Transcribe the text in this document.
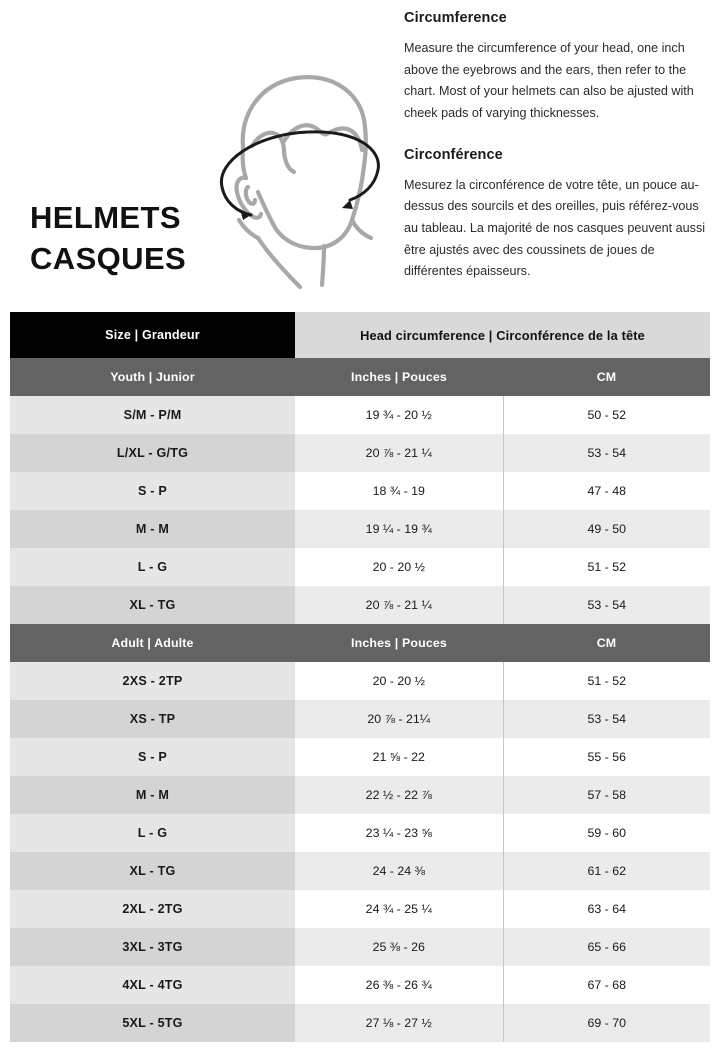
Circumference

Measure the circumference of your head, one inch above the eyebrows and the ears, then refer to the chart. Most of your helmets can also be ajusted with cheek pads of varying thicknesses.

Circonférence

Mesurez la circonférence de votre tête, un pouce au-dessus des sourcils et des oreilles, puis référez-vous au tableau. La majorité de nos casques peuvent aussi être ajustés avec des coussinets de joues de différentes épaisseurs.

HELMETS
CASQUES
Size | Grandeur	Head circumference | Circonférence de la tête	
Youth | Junior	Inches | Pouces	CM
S/M - P/M	19 ¾ - 20 ½	50 - 52
L/XL - G/TG	20 ⅞ - 21 ¼	53 - 54
S - P	18 ¾ - 19	47 - 48
M - M	19 ¼ - 19 ¾	49 - 50
L - G	20 - 20 ½	51 - 52
XL - TG	20 ⅞ - 21 ¼	53 - 54
Adult | Adulte	Inches | Pouces	CM
2XS - 2TP	20 - 20 ½	51 - 52
XS - TP	20 ⅞ - 21¼	53 - 54
S - P	21 ⅝ - 22	55 - 56
M - M	22 ½ - 22 ⅞	57 - 58
L - G	23 ¼ - 23 ⅝	59 - 60
XL - TG	24 - 24 ⅜	61 - 62
2XL - 2TG	24 ¾ - 25 ¼	63 - 64
3XL - 3TG	25 ⅜ - 26	65 - 66
4XL - 4TG	26 ⅜ - 26 ¾	67 - 68
5XL - 5TG	27 ⅛ - 27 ½	69 - 70
